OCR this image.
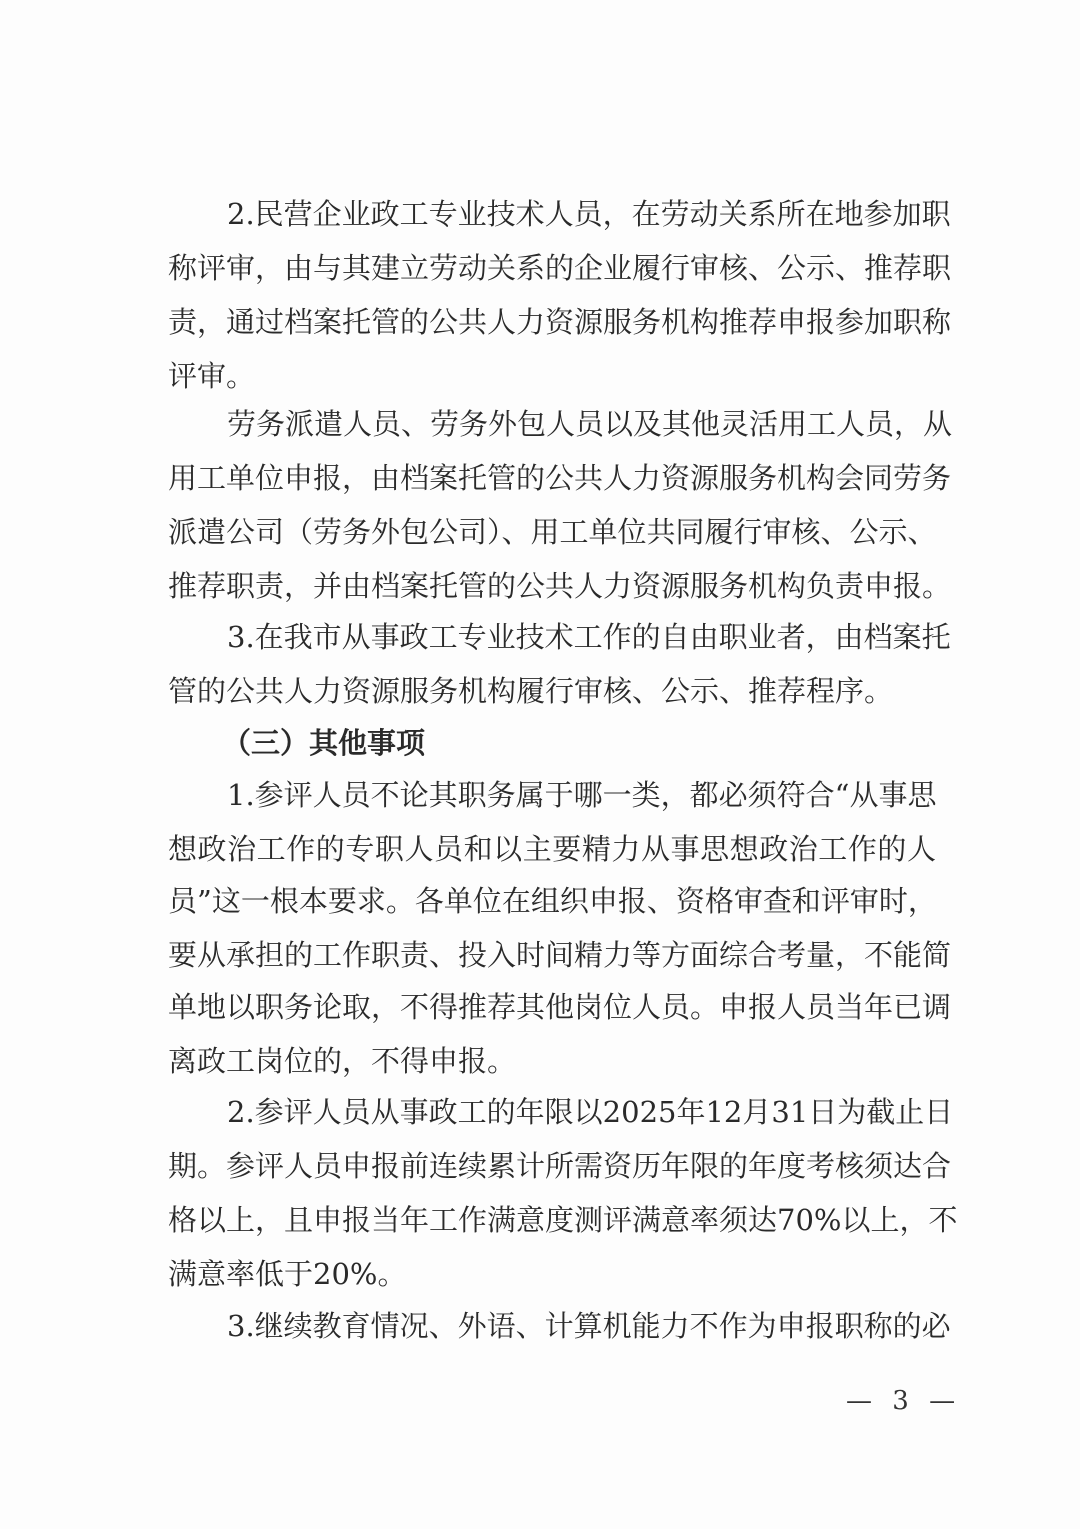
2.民营企业政工专业技术人员，在劳动关系所在地参加职
称评审，由与其建立劳动关系的企业履行审核、公示、推荐职
责，通过档案托管的公共人力资源服务机构推荐申报参加职称
评审。
劳务派遣人员、劳务外包人员以及其他灵活用工人员，从
用工单位申报，由档案托管的公共人力资源服务机构会同劳务
派遣公司（劳务外包公司）、用工单位共同履行审核、公示、
推荐职责，并由档案托管的公共人力资源服务机构负责申报。
3.在我市从事政工专业技术工作的自由职业者，由档案托
管的公共人力资源服务机构履行审核、公示、推荐程序。
（三）其他事项
1.参评人员不论其职务属于哪一类，都必须符合“从事思
想政治工作的专职人员和以主要精力从事思想政治工作的人
员”这一根本要求。各单位在组织申报、资格审查和评审时，
要从承担的工作职责、投入时间精力等方面综合考量，不能简
单地以职务论取，不得推荐其他岗位人员。申报人员当年已调
离政工岗位的，不得申报。
2.参评人员从事政工的年限以2025年12月31日为截止日
期。参评人员申报前连续累计所需资历年限的年度考核须达合
格以上，且申报当年工作满意度测评满意率须达70%以上，不
满意率低于20%。
3.继续教育情况、外语、计算机能力不作为申报职称的必
— 3 —
